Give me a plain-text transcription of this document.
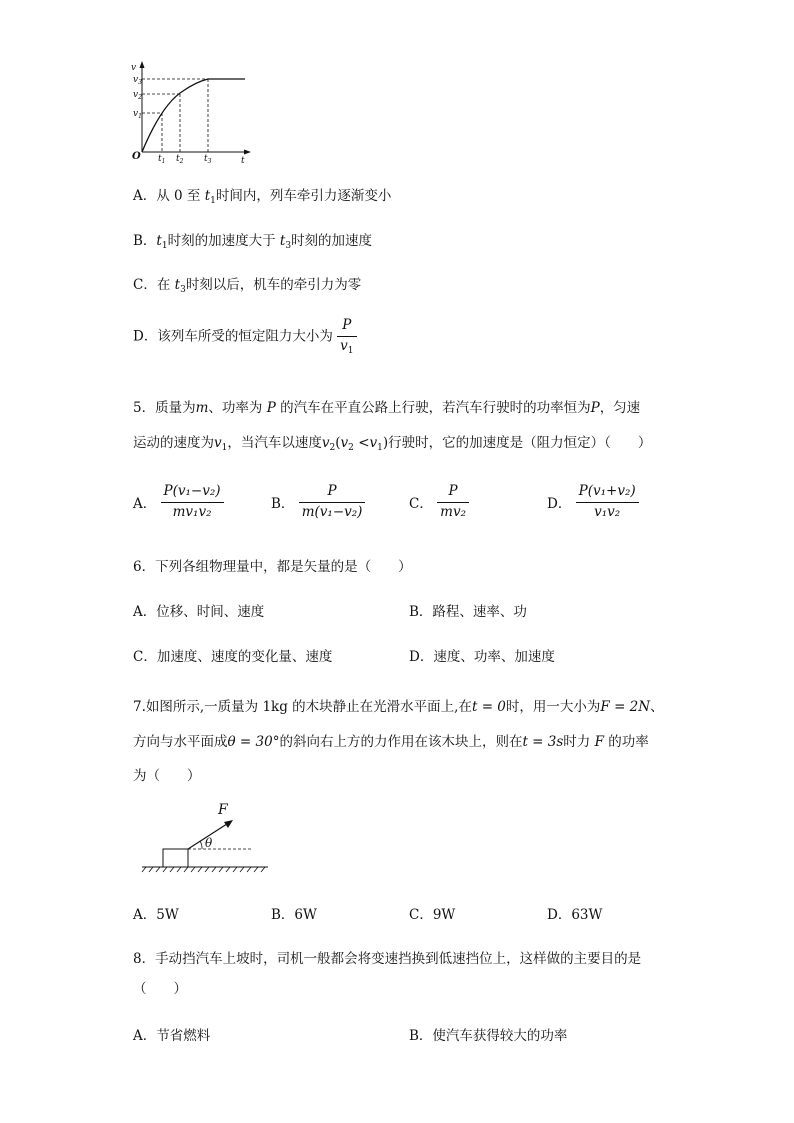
v
t
$v_3$
$v_2$
$v_1$
$t_1$ $t_2$ $t_3$
O
A．从 0 至 $t_1$时间内，列车牵引力逐渐变小
B．$t_1$时刻的加速度大于 $t_3$时刻的加速度
C．在 $t_3$时刻以后，机车的牵引力为零
D．该列车所受的恒定阻力大小为 $\frac{P}{v_1}$
5．质量为m、功率为 P 的汽车在平直公路上行驶，若汽车行驶时的功率恒为P，匀速
运动的速度为$v_1$，当汽车以速度$v_2(v_2 <v_1)$行驶时，它的加速度是（阻力恒定）（　　）
A． $\frac{\text{P(v₁−v₂)}}{\text{mv₁v₂}}$	B． $\frac{P}{\text{m(v₁−v₂)}}$	C． $\frac{P}{\text{mv₂}}$	D． $\frac{\text{P(v₁+v₂)}}{\text{v₁v₂}}$
6．下列各组物理量中，都是矢量的是（　　）
A．位移、时间、速度	B．路程、速率、功
C．加速度、速度的变化量、速度	D．速度、功率、加速度
7.如图所示,一质量为 1kg 的木块静止在光滑水平面上,在t = 0时，用一大小为F = 2N、
方向与水平面成θ = 30°的斜向右上方的力作用在该木块上，则在t = 3s时力 F 的功率
为（　　）
F
θ
A．5W	B．6W	C．9W	D．63W
8．手动挡汽车上坡时，司机一般都会将变速挡换到低速挡位上，这样做的主要目的是
（　　）
A．节省燃料	B．使汽车获得较大的功率
